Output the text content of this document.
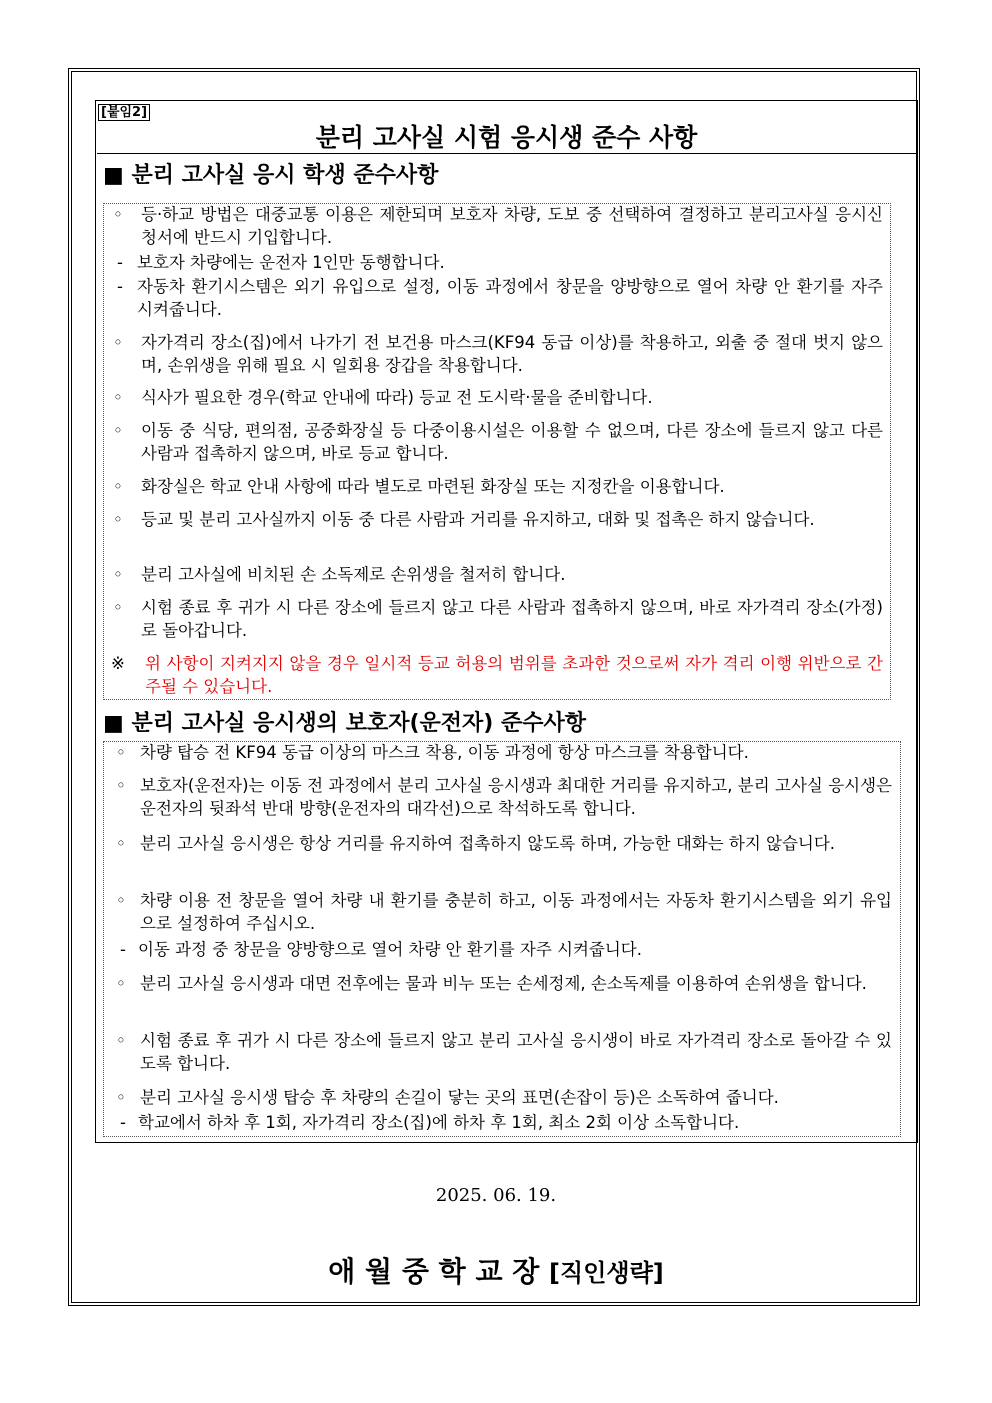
[붙임2]
분리 고사실 시험 응시생 준수 사항
■ 분리 고사실 응시 학생 준수사항
◦	등·하교 방법은 대중교통 이용은 제한되며 보호자 차량, 도보 중 선택하여 결정하고 분리고사실 응시신청서에 반드시 기입합니다.
- 보호자 차량에는 운전자 1인만 동행합니다.
- 자동차 환기시스템은 외기 유입으로 설정, 이동 과정에서 창문을 양방향으로 열어 차량 안 환기를 자주 시켜줍니다.
◦	자가격리 장소(집)에서 나가기 전 보건용 마스크(KF94 동급 이상)를 착용하고, 외출 중 절대 벗지 않으며, 손위생을 위해 필요 시 일회용 장갑을 착용합니다.
◦	식사가 필요한 경우(학교 안내에 따라) 등교 전 도시락·물을 준비합니다.
◦	이동 중 식당, 편의점, 공중화장실 등 다중이용시설은 이용할 수 없으며, 다른 장소에 들르지 않고 다른 사람과 접촉하지 않으며, 바로 등교 합니다.
◦	화장실은 학교 안내 사항에 따라 별도로 마련된 화장실 또는 지정칸을 이용합니다.
◦	등교 및 분리 고사실까지 이동 중 다른 사람과 거리를 유지하고, 대화 및 접촉은 하지 않습니다.
◦	분리 고사실에 비치된 손 소독제로 손위생을 철저히 합니다.
◦	시험 종료 후 귀가 시 다른 장소에 들르지 않고 다른 사람과 접촉하지 않으며, 바로 자가격리 장소(가정)로 돌아갑니다.
※	위 사항이 지켜지지 않을 경우 일시적 등교 허용의 범위를 초과한 것으로써 자가 격리 이행 위반으로 간주될 수 있습니다.
■ 분리 고사실 응시생의 보호자(운전자) 준수사항
◦ 차량 탑승 전 KF94 동급 이상의 마스크 착용, 이동 과정에 항상 마스크를 착용합니다.
◦ 보호자(운전자)는 이동 전 과정에서 분리 고사실 응시생과 최대한 거리를 유지하고, 분리 고사실 응시생은 운전자의 뒷좌석 반대 방향(운전자의 대각선)으로 착석하도록 합니다.
◦ 분리 고사실 응시생은 항상 거리를 유지하여 접촉하지 않도록 하며, 가능한 대화는 하지 않습니다.
◦ 차량 이용 전 창문을 열어 차량 내 환기를 충분히 하고, 이동 과정에서는 자동차 환기시스템을 외기 유입으로 설정하여 주십시오.
- 이동 과정 중 창문을 양방향으로 열어 차량 안 환기를 자주 시켜줍니다.
◦ 분리 고사실 응시생과 대면 전후에는 물과 비누 또는 손세정제, 손소독제를 이용하여 손위생을 합니다.
◦ 시험 종료 후 귀가 시 다른 장소에 들르지 않고 분리 고사실 응시생이 바로 자가격리 장소로 돌아갈 수 있도록 합니다.
◦ 분리 고사실 응시생 탑승 후 차량의 손길이 닿는 곳의 표면(손잡이 등)은 소독하여 줍니다.
- 학교에서 하차 후 1회, 자가격리 장소(집)에 하차 후 1회, 최소 2회 이상 소독합니다.
2025. 06. 19.
애 월 중 학 교 장 [직인생략]
